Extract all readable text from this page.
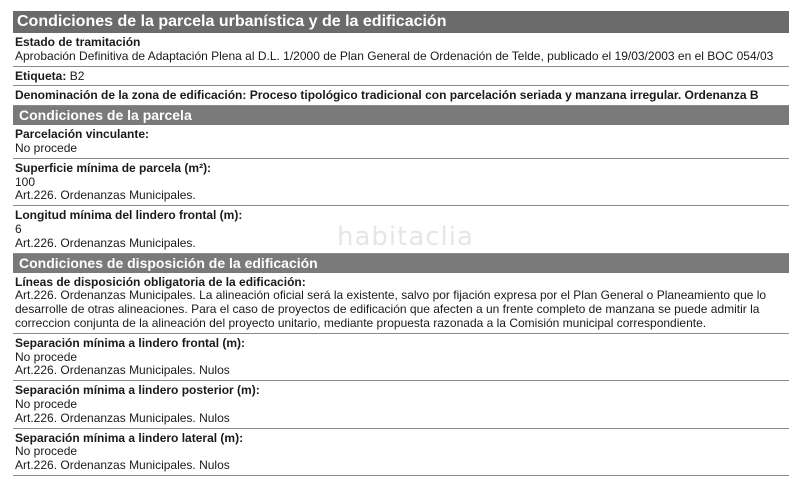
Condiciones de la parcela urbanística y de la edificación
Estado de tramitación
Aprobación Definitiva de Adaptación Plena al D.L. 1/2000 de Plan General de Ordenación de Telde, publicado el 19/03/2003 en el BOC 054/03
Etiqueta: B2
Denominación de la zona de edificación: Proceso tipológico tradicional con parcelación seriada y manzana irregular. Ordenanza B
Condiciones de la parcela
Parcelación vinculante:
No procede
Superficie mínima de parcela (m²):
100
Art.226. Ordenanzas Municipales.
Longitud mínima del lindero frontal (m):
6
Art.226. Ordenanzas Municipales.
Condiciones de disposición de la edificación
Líneas de disposición obligatoria de la edificación:
Art.226. Ordenanzas Municipales. La alineación oficial será la existente, salvo por fijación expresa por el Plan General o Planeamiento que lo desarrolle de otras alineaciones. Para el caso de proyectos de edificación que afecten a un frente completo de manzana se puede admitir la correccion conjunta de la alineación del proyecto unitario, mediante propuesta razonada a la Comisión municipal correspondiente.
Separación mínima a lindero frontal (m):
No procede
Art.226. Ordenanzas Municipales. Nulos
Separación mínima a lindero posterior (m):
No procede
Art.226. Ordenanzas Municipales. Nulos
Separación mínima a lindero lateral (m):
No procede
Art.226. Ordenanzas Municipales. Nulos
habitaclia
